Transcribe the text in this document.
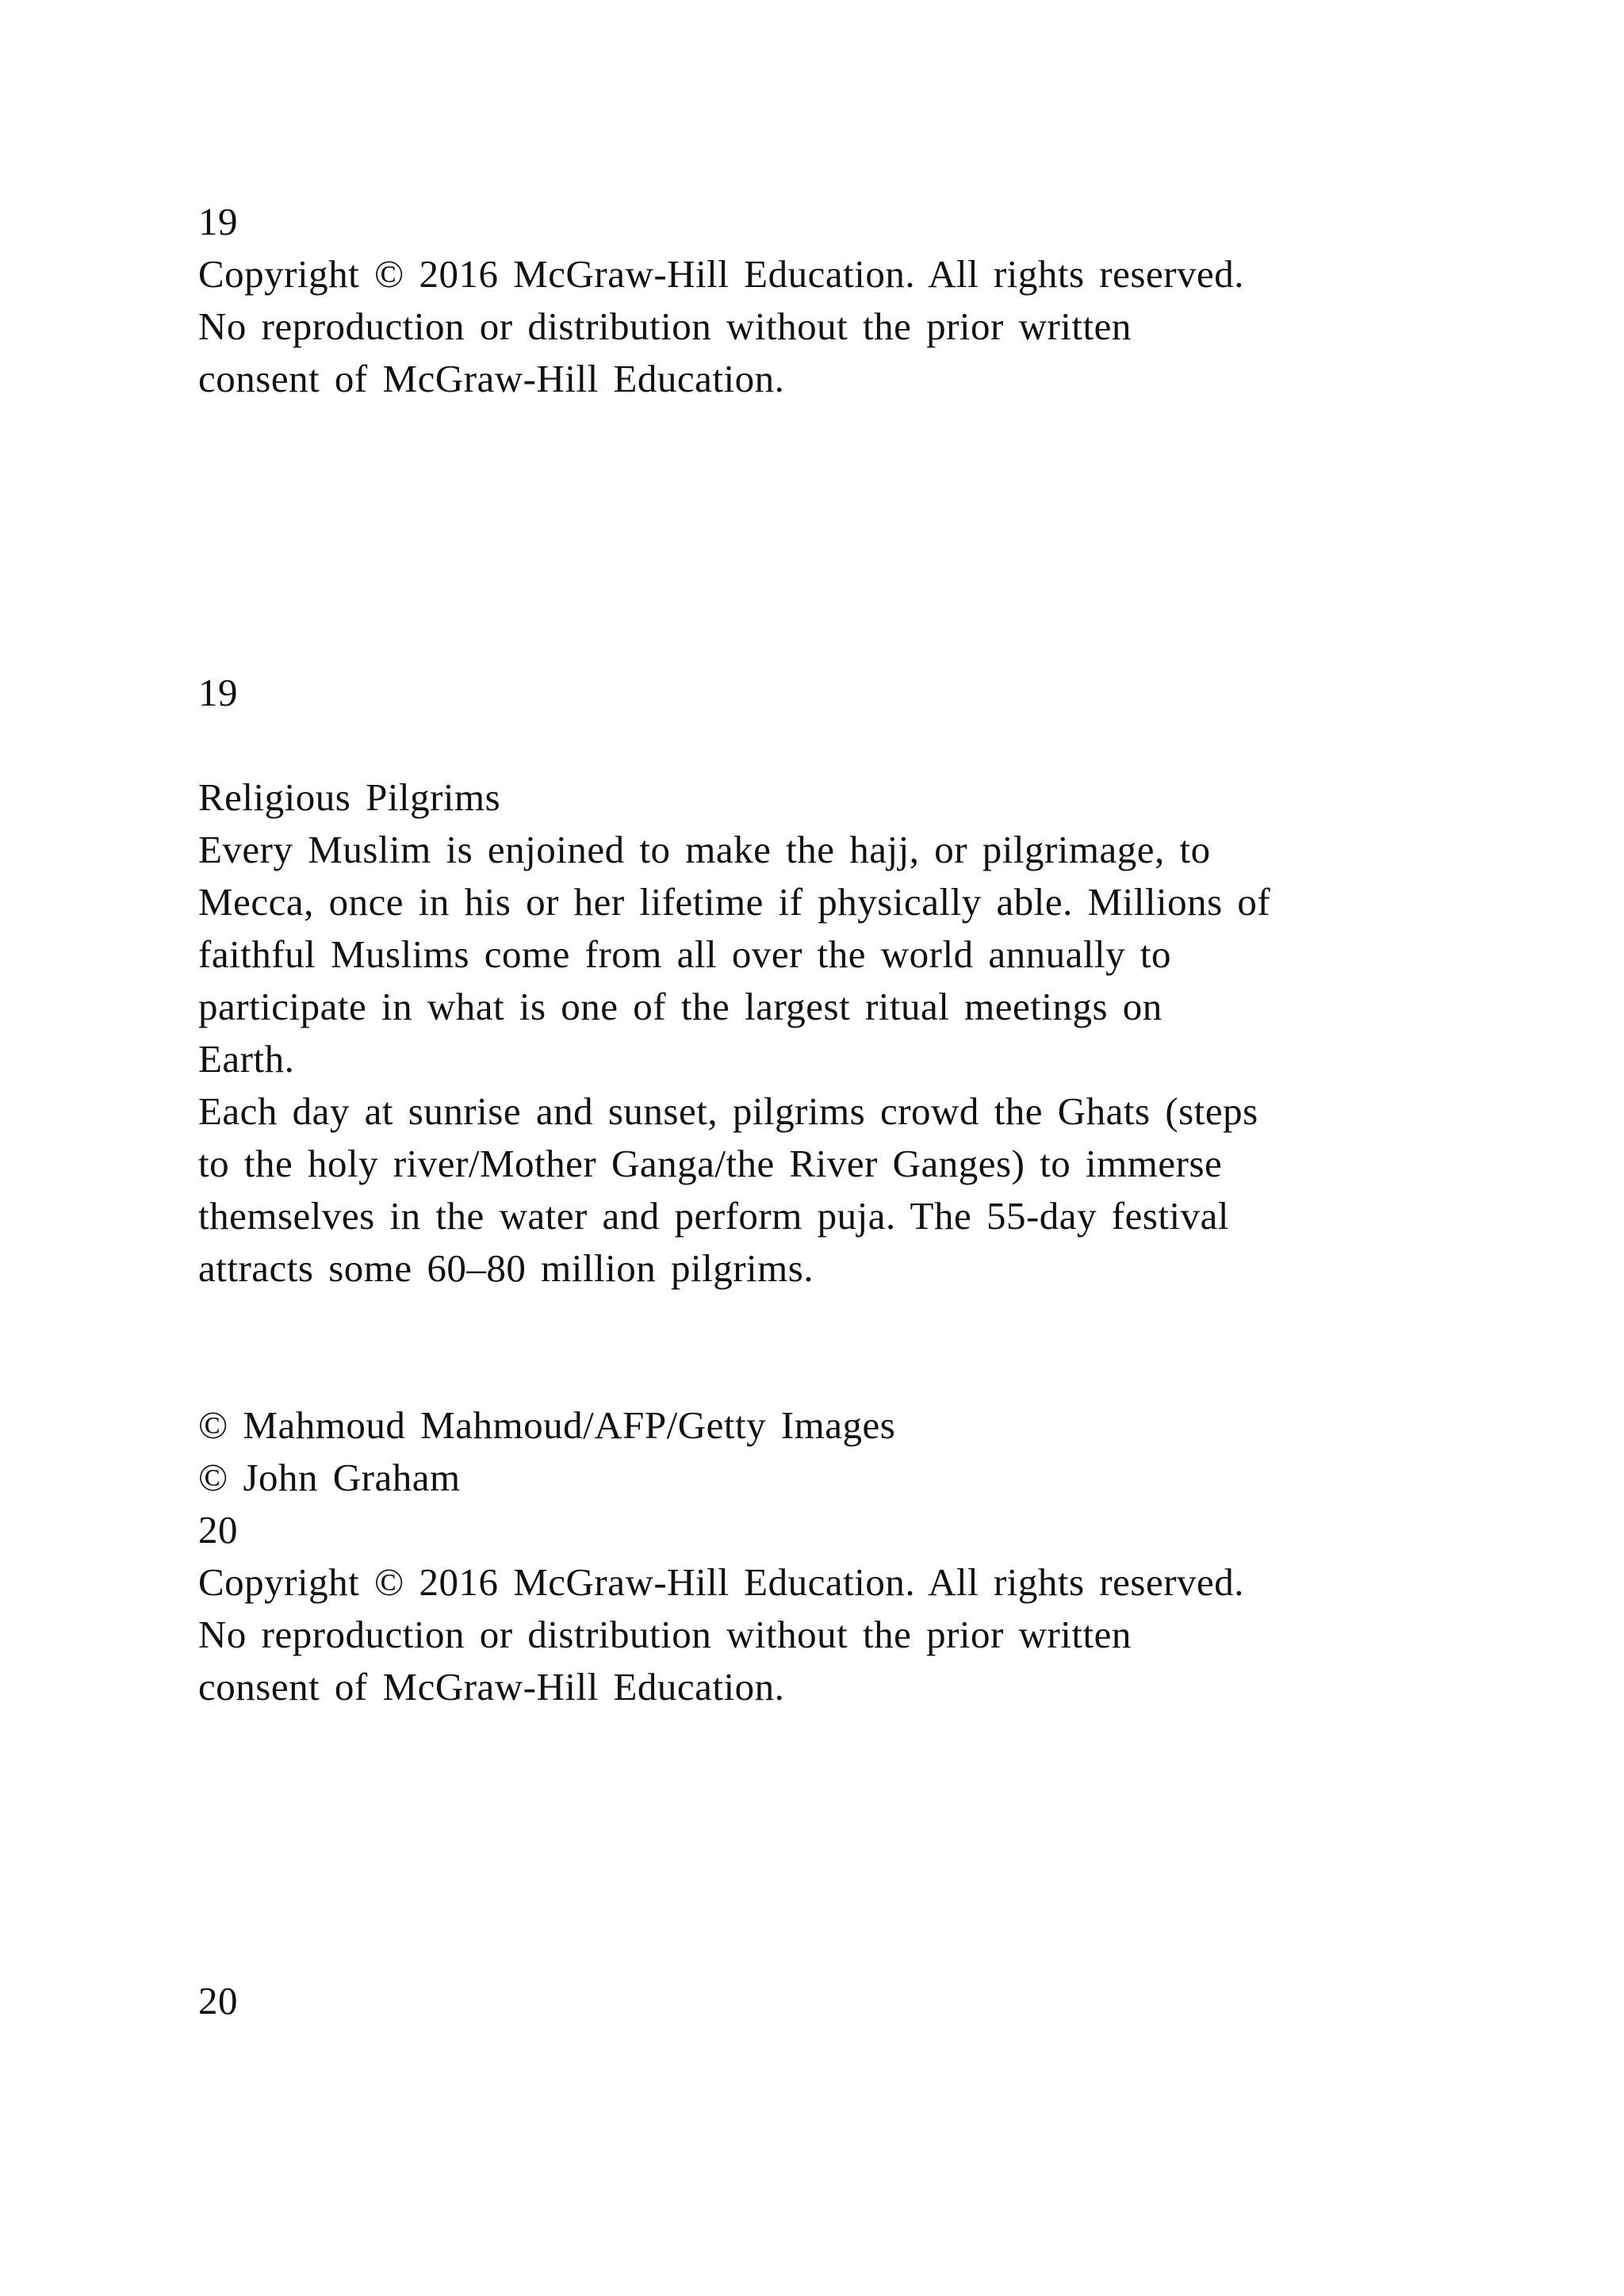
19
Copyright © 2016 McGraw-Hill Education. All rights reserved.
No reproduction or distribution without the prior written
consent of McGraw-Hill Education.
19
Religious Pilgrims
Every Muslim is enjoined to make the hajj, or pilgrimage, to
Mecca, once in his or her lifetime if physically able. Millions of
faithful Muslims come from all over the world annually to
participate in what is one of the largest ritual meetings on
Earth.
Each day at sunrise and sunset, pilgrims crowd the Ghats (steps
to the holy river/Mother Ganga/the River Ganges) to immerse
themselves in the water and perform puja. The 55-day festival
attracts some 60–80 million pilgrims.
© Mahmoud Mahmoud/AFP/Getty Images
© John Graham
20
Copyright © 2016 McGraw-Hill Education. All rights reserved.
No reproduction or distribution without the prior written
consent of McGraw-Hill Education.
20
